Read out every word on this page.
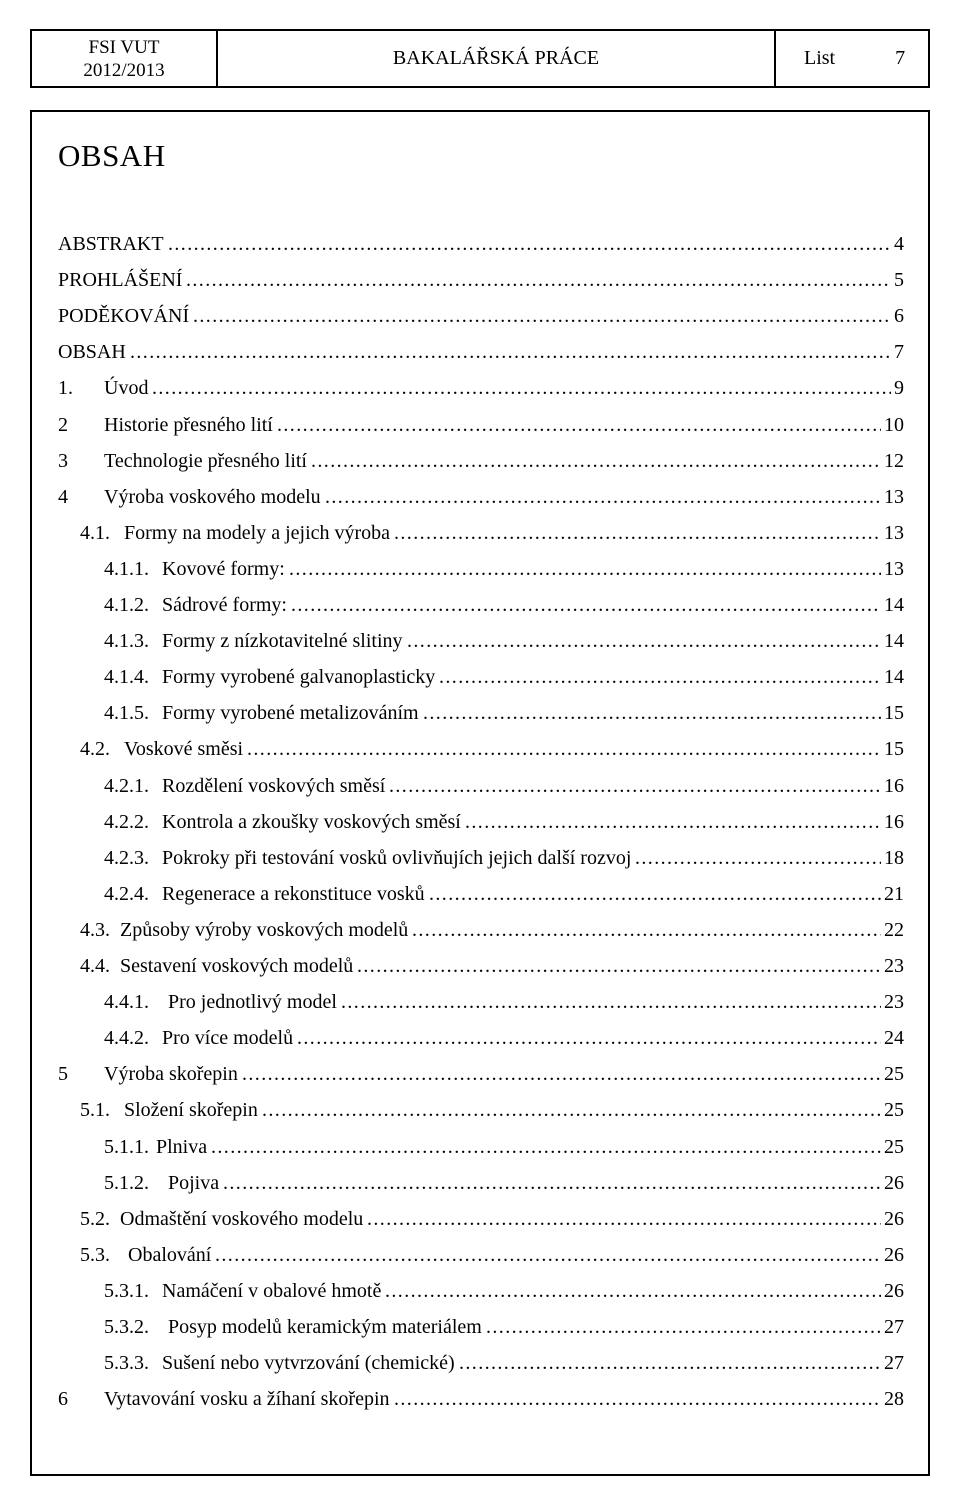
FSI VUT
2012/2013
BAKALÁŘSKÁ PRÁCE	List	7
OBSAH
ABSTRAKT . . .	4
PROHLÁŠENÍ . . .	5
PODĚKOVÁNÍ . . .	6
OBSAH . . .	7
1. Úvod . . .	9
2 Historie přesného lití . . .	10
3 Technologie přesného lití . . .	12
4 Výroba voskového modelu . . .	13
4.1. Formy na modely a jejich výroba . . .	13
4.1.1. Kovové formy: . . .	13
4.1.2. Sádrové formy: . . .	14
4.1.3. Formy z nízkotavitelné slitiny . . .	14
4.1.4. Formy vyrobené galvanoplasticky . . .	14
4.1.5. Formy vyrobené metalizováním . . .	15
4.2. Voskové směsi . . .	15
4.2.1. Rozdělení voskových směsí . . .	16
4.2.2. Kontrola a zkoušky voskových směsí . . .	16
4.2.3. Pokroky při testování vosků ovlivňujích jejich další rozvoj . . .	18
4.2.4. Regenerace a rekonstituce vosků . . .	21
4.3. Způsoby výroby voskových modelů . . .	22
4.4. Sestavení voskových modelů . . .	23
4.4.1. Pro jednotlivý model . . .	23
4.4.2. Pro více modelů . . .	24
5 Výroba skořepin . . .	25
5.1. Složení skořepin . . .	25
5.1.1. Plniva . . .	25
5.1.2. Pojiva . . .	26
5.2. Odmaštění voskového modelu . . .	26
5.3. Obalování . . .	26
5.3.1. Namáčení v obalové hmotě . . .	26
5.3.2. Posyp modelů keramickým materiálem . . .	27
5.3.3. Sušení nebo vytvrzování (chemické) . . .	27
6 Vytavování vosku a žíhaní skořepin . . .	28
